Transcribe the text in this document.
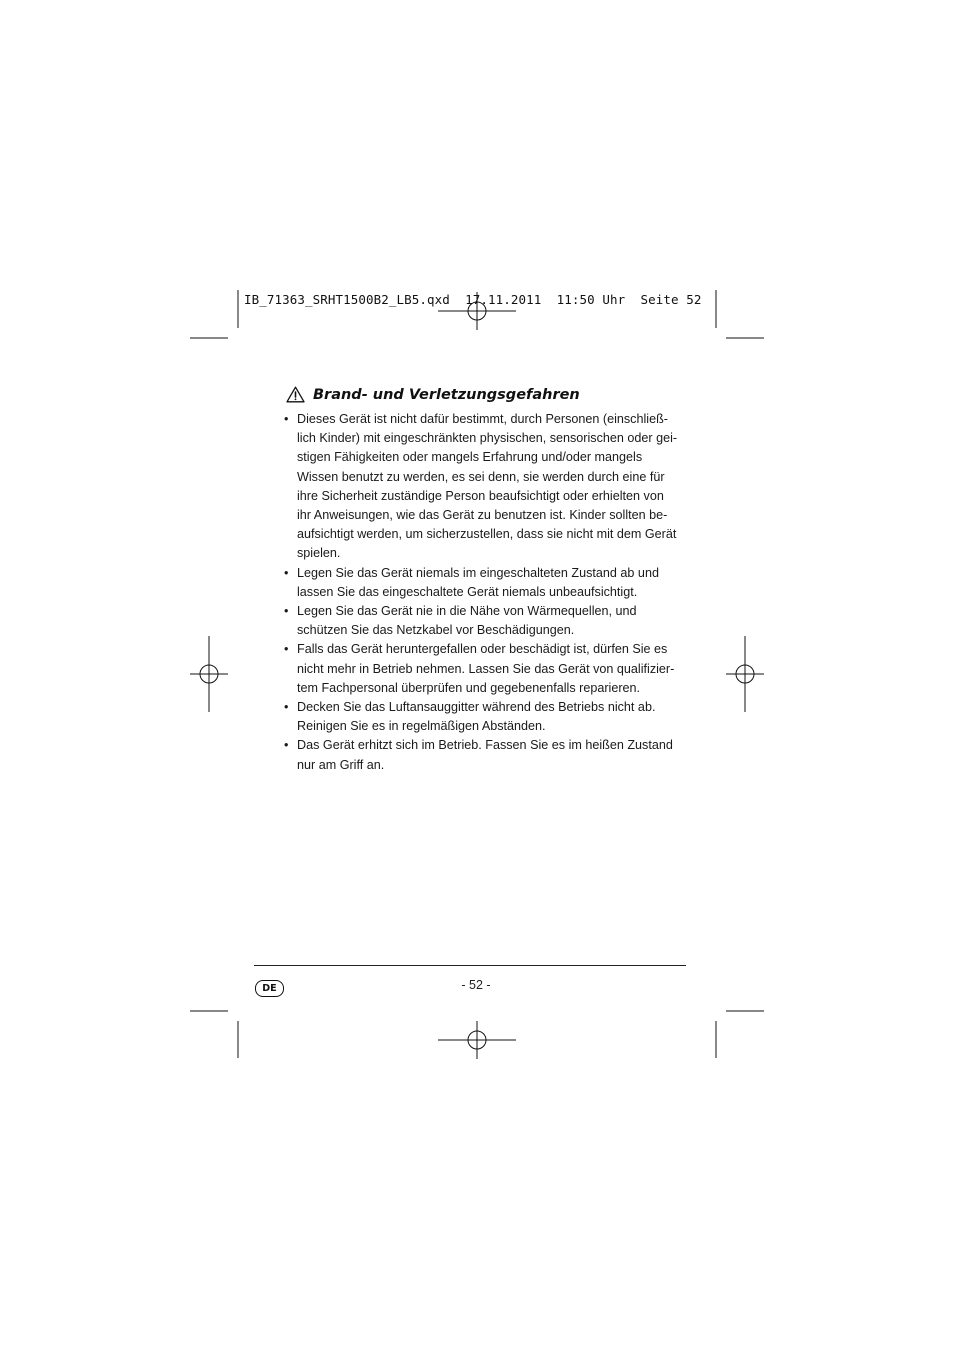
IB_71363_SRHT1500B2_LB5.qxd  17.11.2011  11:50 Uhr  Seite 52
Brand- und Verletzungsgefahren
• Dieses Gerät ist nicht dafür bestimmt, durch Personen (einschließ-
lich Kinder) mit eingeschränkten physischen, sensorischen oder gei-
stigen Fähigkeiten oder mangels Erfahrung und/oder mangels
Wissen benutzt zu werden, es sei denn, sie werden durch eine für
ihre Sicherheit zuständige Person beaufsichtigt oder erhielten von
ihr Anweisungen, wie das Gerät zu benutzen ist. Kinder sollten be-
aufsichtigt werden, um sicherzustellen, dass sie nicht mit dem Gerät
spielen.
• Legen Sie das Gerät niemals im eingeschalteten Zustand ab und
lassen Sie das eingeschaltete Gerät niemals unbeaufsichtigt.
• Legen Sie das Gerät nie in die Nähe von Wärmequellen, und
schützen Sie das Netzkabel vor Beschädigungen.
• Falls das Gerät heruntergefallen oder beschädigt ist, dürfen Sie es
nicht mehr in Betrieb nehmen. Lassen Sie das Gerät von qualifizier-
tem Fachpersonal überprüfen und gegebenenfalls reparieren.
• Decken Sie das Luftansauggitter während des Betriebs nicht ab.
Reinigen Sie es in regelmäßigen Abständen.
• Das Gerät erhitzt sich im Betrieb. Fassen Sie es im heißen Zustand
nur am Griff an.
DE	- 52 -
